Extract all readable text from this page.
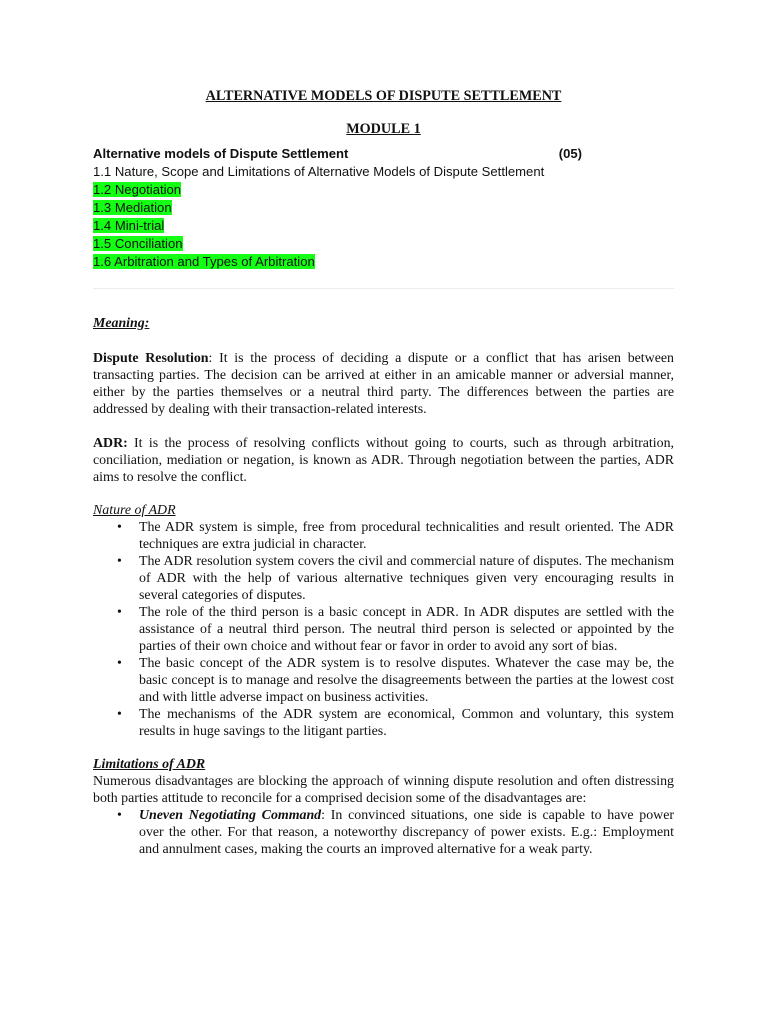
ALTERNATIVE MODELS OF DISPUTE SETTLEMENT
MODULE 1
Alternative models of Dispute Settlement	(05)
1.1 Nature, Scope and Limitations of Alternative Models of Dispute Settlement
1.2 Negotiation
1.3 Mediation
1.4 Mini-trial
1.5 Conciliation
1.6 Arbitration and Types of Arbitration

Meaning:

Dispute Resolution: It is the process of deciding a dispute or a conflict that has arisen between transacting parties. The decision can be arrived at either in an amicable manner or adversial manner, either by the parties themselves or a neutral third party. The differences between the parties are addressed by dealing with their transaction-related interests.

ADR: It is the process of resolving conflicts without going to courts, such as through arbitration, conciliation, mediation or negation, is known as ADR. Through negotiation between the parties, ADR aims to resolve the conflict.

Nature of ADR

• The ADR system is simple, free from procedural technicalities and result oriented. The ADR techniques are extra judicial in character.
• The ADR resolution system covers the civil and commercial nature of disputes. The mechanism of ADR with the help of various alternative techniques given very encouraging results in several categories of disputes.
• The role of the third person is a basic concept in ADR. In ADR disputes are settled with the assistance of a neutral third person. The neutral third person is selected or appointed by the parties of their own choice and without fear or favor in order to avoid any sort of bias.
• The basic concept of the ADR system is to resolve disputes. Whatever the case may be, the basic concept is to manage and resolve the disagreements between the parties at the lowest cost and with little adverse impact on business activities.
• The mechanisms of the ADR system are economical, Common and voluntary, this system results in huge savings to the litigant parties.

Limitations of ADR

Numerous disadvantages are blocking the approach of winning dispute resolution and often distressing both parties attitude to reconcile for a comprised decision some of the disadvantages are:

• Uneven Negotiating Command: In convinced situations, one side is capable to have power over the other. For that reason, a noteworthy discrepancy of power exists. E.g.: Employment and annulment cases, making the courts an improved alternative for a weak party.
